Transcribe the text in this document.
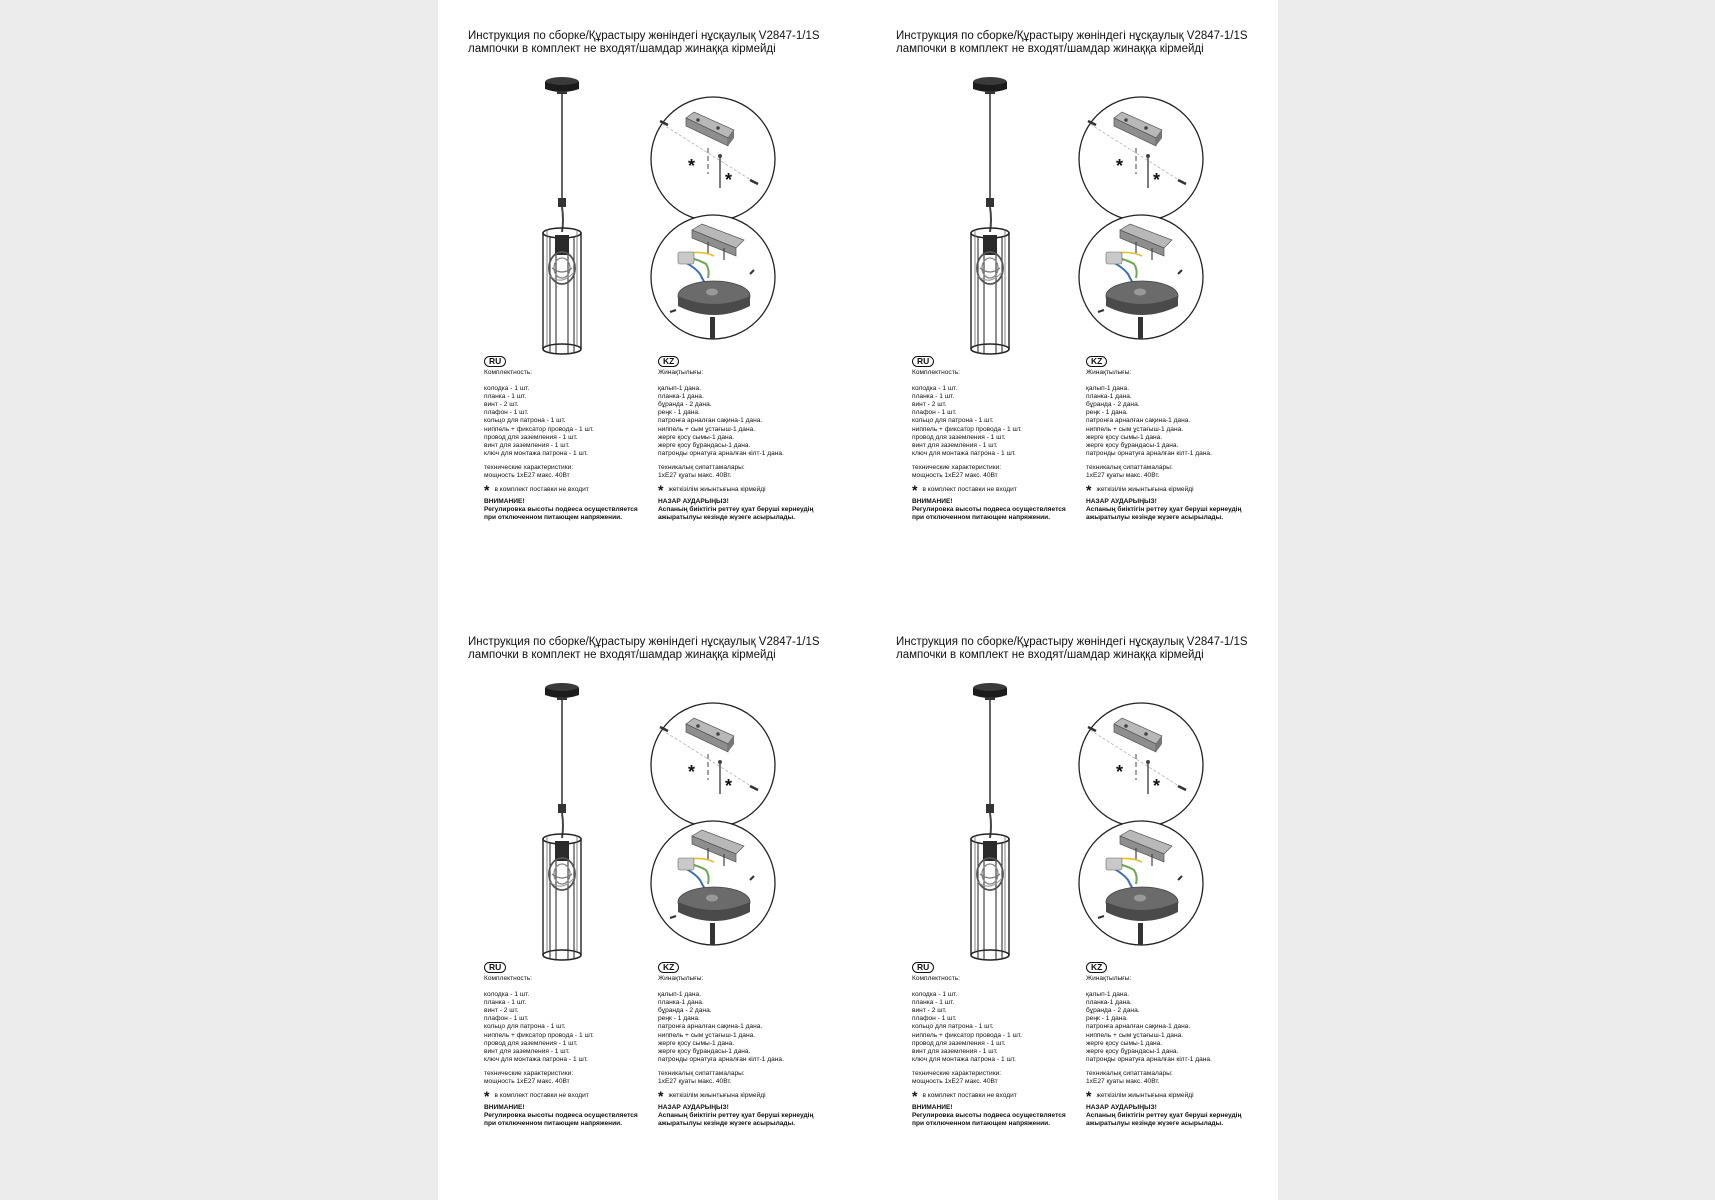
Инструкция по сборке/Құрастыру жөніндегі нұсқаулық V2847-1/1S
лампочки в комплект не входят/шамдар жинаққа кірмейді
*
*
RU
Комплектность:
колодка - 1 шт.
планка - 1 шт.
винт - 2 шт.
плафон - 1 шт.
кольцо для патрона - 1 шт.
ниппель + фиксатор провода - 1 шт.
провод для заземления - 1 шт.
винт для заземления - 1 шт.
ключ для монтажа патрона - 1 шт.
технические характеристики:
мощность 1xE27 макс. 40Вт
* в комплект поставки не входит
ВНИМАНИЕ!
Регулировка высоты подвеса осуществляется
при отключенном питающем напряжении.
KZ
Жинақтылығы:
қалып-1 дана.
планка-1 дана.
бұранда - 2 дана.
реңк - 1 дана.
патронға арналған сақина-1 дана.
ниппель + сым ұстағыш-1 дана.
жерге қосу сымы-1 дана.
жерге қосу бұрандасы-1 дана.
патронды орнатуға арналған кілт-1 дана.
техникалық сипаттамалары:
1xE27 қуаты макс. 40Вт.
* жеткізілім жиынтығына кірмейді
НАЗАР АУДАРЫҢЫЗ!
Аспаның биіктігін реттеу қуат беруші кернеудің
ажыратылуы кезінде жүзеге асырылады.
Инструкция по сборке/Құрастыру жөніндегі нұсқаулық V2847-1/1S
лампочки в комплект не входят/шамдар жинаққа кірмейді
*
*
RU
Комплектность:
колодка - 1 шт.
планка - 1 шт.
винт - 2 шт.
плафон - 1 шт.
кольцо для патрона - 1 шт.
ниппель + фиксатор провода - 1 шт.
провод для заземления - 1 шт.
винт для заземления - 1 шт.
ключ для монтажа патрона - 1 шт.
технические характеристики:
мощность 1xE27 макс. 40Вт
* в комплект поставки не входит
ВНИМАНИЕ!
Регулировка высоты подвеса осуществляется
при отключенном питающем напряжении.
KZ
Жинақтылығы:
қалып-1 дана.
планка-1 дана.
бұранда - 2 дана.
реңк - 1 дана.
патронға арналған сақина-1 дана.
ниппель + сым ұстағыш-1 дана.
жерге қосу сымы-1 дана.
жерге қосу бұрандасы-1 дана.
патронды орнатуға арналған кілт-1 дана.
техникалық сипаттамалары:
1xE27 қуаты макс. 40Вт.
* жеткізілім жиынтығына кірмейді
НАЗАР АУДАРЫҢЫЗ!
Аспаның биіктігін реттеу қуат беруші кернеудің
ажыратылуы кезінде жүзеге асырылады.
Инструкция по сборке/Құрастыру жөніндегі нұсқаулық V2847-1/1S
лампочки в комплект не входят/шамдар жинаққа кірмейді
*
*
RU
Комплектность:
колодка - 1 шт.
планка - 1 шт.
винт - 2 шт.
плафон - 1 шт.
кольцо для патрона - 1 шт.
ниппель + фиксатор провода - 1 шт.
провод для заземления - 1 шт.
винт для заземления - 1 шт.
ключ для монтажа патрона - 1 шт.
технические характеристики:
мощность 1xE27 макс. 40Вт
* в комплект поставки не входит
ВНИМАНИЕ!
Регулировка высоты подвеса осуществляется
при отключенном питающем напряжении.
KZ
Жинақтылығы:
қалып-1 дана.
планка-1 дана.
бұранда - 2 дана.
реңк - 1 дана.
патронға арналған сақина-1 дана.
ниппель + сым ұстағыш-1 дана.
жерге қосу сымы-1 дана.
жерге қосу бұрандасы-1 дана.
патронды орнатуға арналған кілт-1 дана.
техникалық сипаттамалары:
1xE27 қуаты макс. 40Вт.
* жеткізілім жиынтығына кірмейді
НАЗАР АУДАРЫҢЫЗ!
Аспаның биіктігін реттеу қуат беруші кернеудің
ажыратылуы кезінде жүзеге асырылады.
Инструкция по сборке/Құрастыру жөніндегі нұсқаулық V2847-1/1S
лампочки в комплект не входят/шамдар жинаққа кірмейді
*
*
RU
Комплектность:
колодка - 1 шт.
планка - 1 шт.
винт - 2 шт.
плафон - 1 шт.
кольцо для патрона - 1 шт.
ниппель + фиксатор провода - 1 шт.
провод для заземления - 1 шт.
винт для заземления - 1 шт.
ключ для монтажа патрона - 1 шт.
технические характеристики:
мощность 1xE27 макс. 40Вт
* в комплект поставки не входит
ВНИМАНИЕ!
Регулировка высоты подвеса осуществляется
при отключенном питающем напряжении.
KZ
Жинақтылығы:
қалып-1 дана.
планка-1 дана.
бұранда - 2 дана.
реңк - 1 дана.
патронға арналған сақина-1 дана.
ниппель + сым ұстағыш-1 дана.
жерге қосу сымы-1 дана.
жерге қосу бұрандасы-1 дана.
патронды орнатуға арналған кілт-1 дана.
техникалық сипаттамалары:
1xE27 қуаты макс. 40Вт.
* жеткізілім жиынтығына кірмейді
НАЗАР АУДАРЫҢЫЗ!
Аспаның биіктігін реттеу қуат беруші кернеудің
ажыратылуы кезінде жүзеге асырылады.
